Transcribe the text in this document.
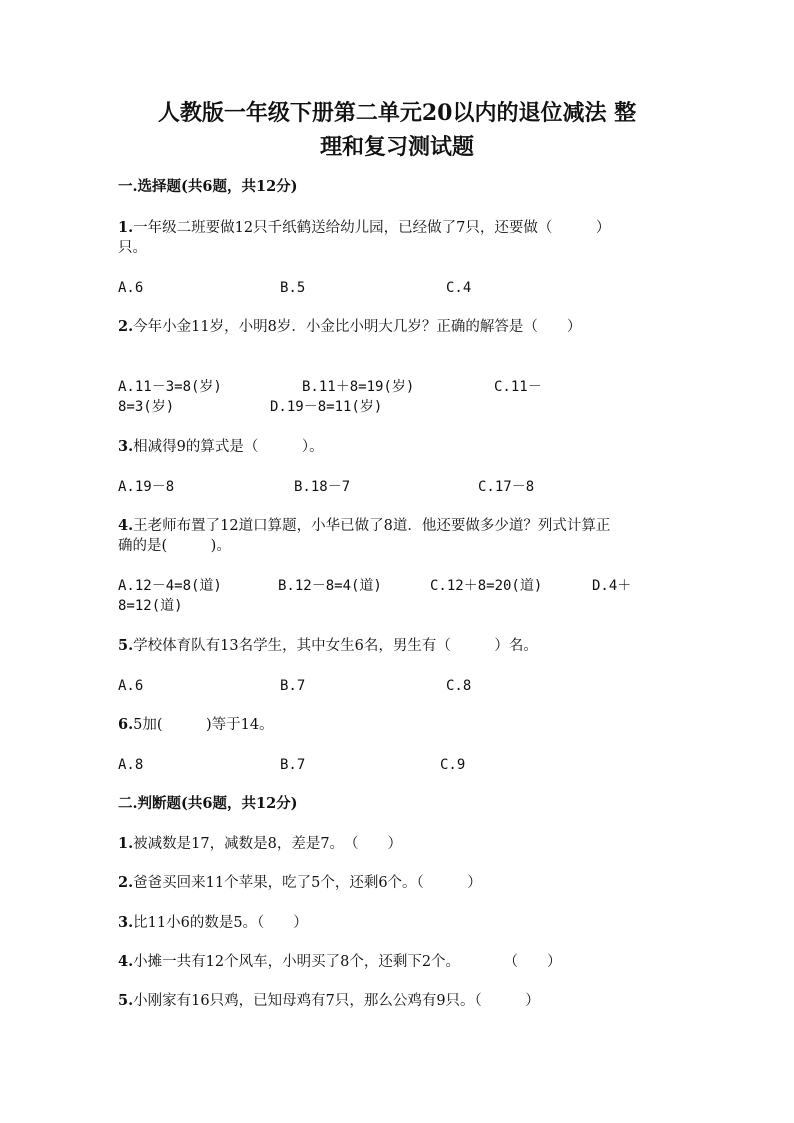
人教版一年级下册第二单元20以内的退位减法 整
理和复习测试题
一.选择题(共6题，共12分)
1.一年级二班要做12只千纸鹤送给幼儿园，已经做了7只，还要做（　　　）
只。
A.6	B.5	C.4
2.今年小金11岁，小明8岁．小金比小明大几岁？正确的解答是（　　）
A.11－3=8(岁)	B.11＋8=19(岁)	C.11－
8=3(岁)	D.19－8=11(岁)
3.相减得9的算式是（　　　）。
A.19－8	B.18－7	C.17－8
4.王老师布置了12道口算题，小华已做了8道．他还要做多少道？列式计算正
确的是(　　　)。
A.12－4=8(道)	B.12－8=4(道)	C.12＋8=20(道)	D.4＋
8=12(道)
5.学校体育队有13名学生，其中女生6名，男生有（　　　）名。
A.6	B.7	C.8
6.5加(　　　)等于14。
A.8	B.7	C.9
二.判断题(共6题，共12分)
1.被减数是17，减数是8，差是7。　（　　）
2.爸爸买回来11个苹果，吃了5个，还剩6个。（　　　）
3.比11小6的数是5。（　　）
4.小摊一共有12个风车，小明买了8个，还剩下2个。　　　　（　　）
5.小刚家有16只鸡，已知母鸡有7只，那么公鸡有9只。（　　　）
